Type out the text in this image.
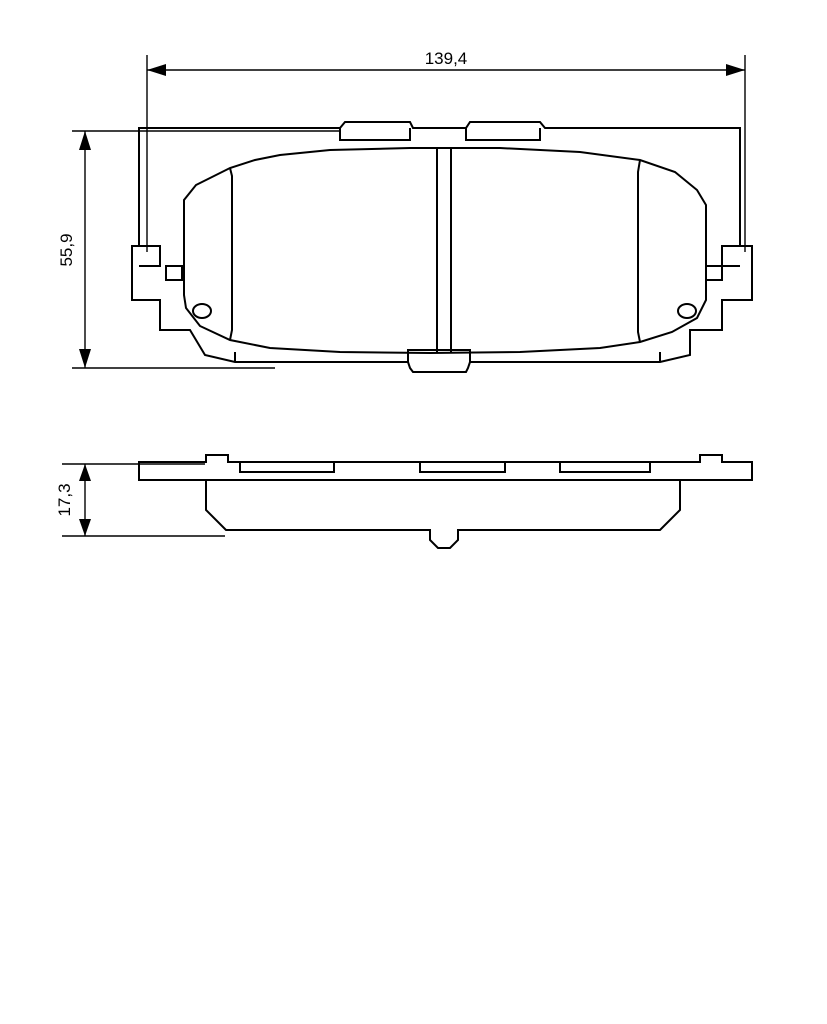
139,4
55,9
17,3
